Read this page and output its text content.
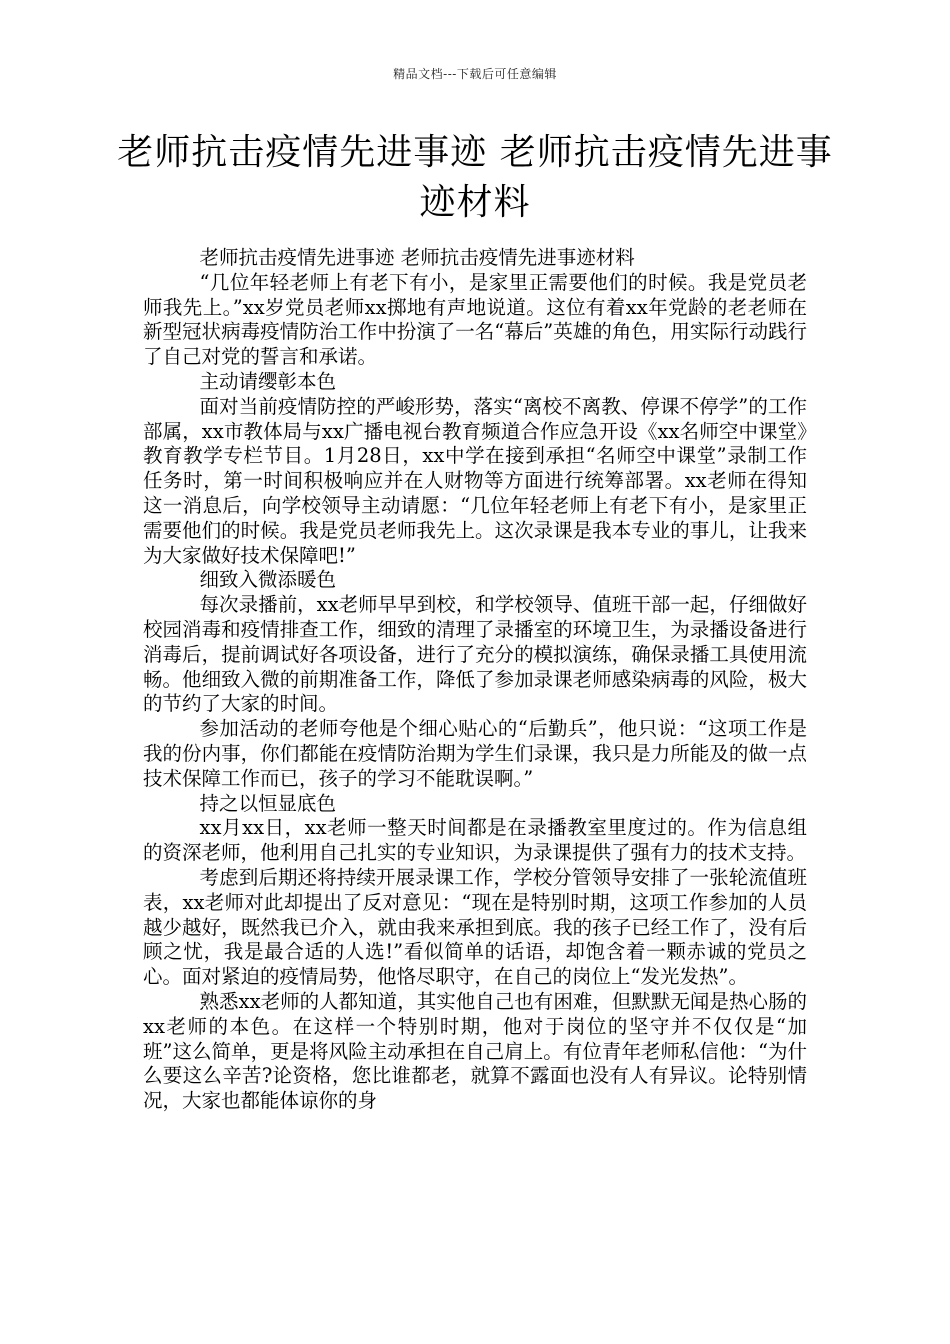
精品文档---下载后可任意编辑
老师抗击疫情先进事迹 老师抗击疫情先进事迹材料

老师抗击疫情先进事迹 老师抗击疫情先进事迹材料

“几位年轻老师上有老下有小，是家里正需要他们的时候。我是党员老师我先上。”xx岁党员老师xx掷地有声地说道。这位有着xx年党龄的老老师在新型冠状病毒疫情防治工作中扮演了一名“幕后”英雄的角色，用实际行动践行了自己对党的誓言和承诺。

主动请缨彰本色

面对当前疫情防控的严峻形势，落实“离校不离教、停课不停学”的工作部属，xx市教体局与xx广播电视台教育频道合作应急开设《xx名师空中课堂》教育教学专栏节目。1月28日，xx中学在接到承担“名师空中课堂”录制工作任务时，第一时间积极响应并在人财物等方面进行统筹部署。xx老师在得知这一消息后，向学校领导主动请愿：“几位年轻老师上有老下有小，是家里正需要他们的时候。我是党员老师我先上。这次录课是我本专业的事儿，让我来为大家做好技术保障吧!”

细致入微添暖色

每次录播前，xx老师早早到校，和学校领导、值班干部一起，仔细做好校园消毒和疫情排查工作，细致的清理了录播室的环境卫生，为录播设备进行消毒后，提前调试好各项设备，进行了充分的模拟演练，确保录播工具使用流畅。他细致入微的前期准备工作，降低了参加录课老师感染病毒的风险，极大的节约了大家的时间。

参加活动的老师夸他是个细心贴心的“后勤兵”，他只说：“这项工作是我的份内事，你们都能在疫情防治期为学生们录课，我只是力所能及的做一点技术保障工作而已，孩子的学习不能耽误啊。”

持之以恒显底色

xx月xx日，xx老师一整天时间都是在录播教室里度过的。作为信息组的资深老师，他利用自己扎实的专业知识，为录课提供了强有力的技术支持。

考虑到后期还将持续开展录课工作，学校分管领导安排了一张轮流值班表，xx老师对此却提出了反对意见：“现在是特别时期，这项工作参加的人员越少越好，既然我已介入，就由我来承担到底。我的孩子已经工作了，没有后顾之忧，我是最合适的人选!”看似简单的话语，却饱含着一颗赤诚的党员之心。面对紧迫的疫情局势，他恪尽职守，在自己的岗位上“发光发热”。

熟悉xx老师的人都知道，其实他自己也有困难，但默默无闻是热心肠的xx老师的本色。在这样一个特别时期，他对于岗位的坚守并不仅仅是“加班”这么简单，更是将风险主动承担在自己肩上。有位青年老师私信他：“为什么要这么辛苦?论资格，您比谁都老，就算不露面也没有人有异议。论特别情况，大家也都能体谅你的身
